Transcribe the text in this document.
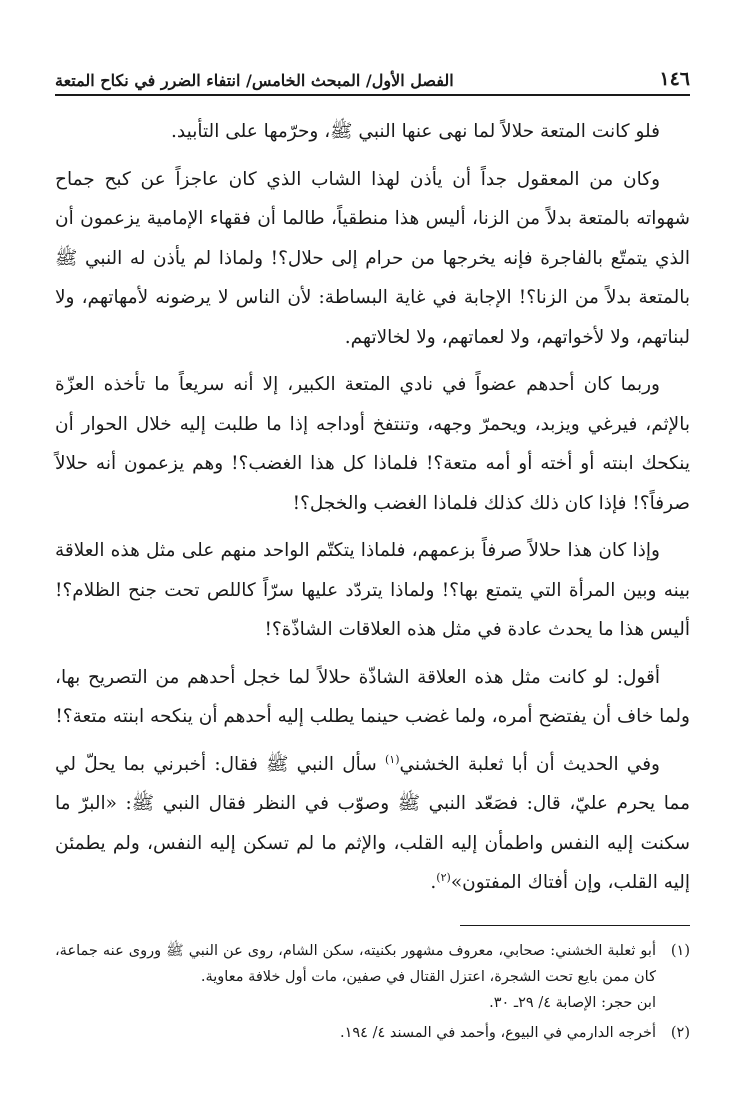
١٤٦
الفصل الأول/ المبحث الخامس/ انتفاء الضرر في نكاح المتعة

فلو كانت المتعة حلالاً لما نهى عنها النبي ﷺ، وحرّمها على التأبيد.

وكان من المعقول جداً أن يأذن لهذا الشاب الذي كان عاجزاً عن كبح جماح شهواته بالمتعة بدلاً من الزنا، أليس هذا منطقياً، طالما أن فقهاء الإمامية يزعمون أن الذي يتمتّع بالفاجرة فإنه يخرجها من حرام إلى حلال؟! ولماذا لم يأذن له النبي ﷺ بالمتعة بدلاً من الزنا؟! الإجابة في غاية البساطة: لأن الناس لا يرضونه لأمهاتهم، ولا لبناتهم، ولا لأخواتهم، ولا لعماتهم، ولا لخالاتهم.

وربما كان أحدهم عضواً في نادي المتعة الكبير، إلا أنه سريعاً ما تأخذه العزّة بالإثم، فيرغي ويزبد، ويحمرّ وجهه، وتنتفخ أوداجه إذا ما طلبت إليه خلال الحوار أن ينكحك ابنته أو أخته أو أمه متعة؟! فلماذا كل هذا الغضب؟! وهم يزعمون أنه حلالاً صرفاً؟! فإذا كان ذلك كذلك فلماذا الغضب والخجل؟!

وإذا كان هذا حلالاً صرفاً بزعمهم، فلماذا يتكتّم الواحد منهم على مثل هذه العلاقة بينه وبين المرأة التي يتمتع بها؟! ولماذا يتردّد عليها سرّاً كاللص تحت جنح الظلام؟! أليس هذا ما يحدث عادة في مثل هذه العلاقات الشاذّة؟!

أقول: لو كانت مثل هذه العلاقة الشاذّة حلالاً لما خجل أحدهم من التصريح بها، ولما خاف أن يفتضح أمره، ولما غضب حينما يطلب إليه أحدهم أن ينكحه ابنته متعة؟!

وفي الحديث أن أبا ثعلبة الخشني$^{(١)}$ سأل النبي ﷺ فقال: أخبرني بما يحلّ لي مما يحرم عليّ، قال: فصَعّد النبي ﷺ وصوّب في النظر فقال النبي ﷺ: «البرّ ما سكنت إليه النفس واطمأن إليه القلب، والإثم ما لم تسكن إليه النفس، ولم يطمئن إليه القلب، وإن أفتاك المفتون»$^{(٢)}$.

(١)
أبو ثعلبة الخشني: صحابي، معروف مشهور بكنيته، سكن الشام، روى عن النبي ﷺ وروى عنه جماعة، كان ممن بايع تحت الشجرة، اعتزل القتال في صفين، مات أول خلافة معاوية.
ابن حجر: الإصابة ٤/ ٢٩ـ ٣٠.
(٢)
أخرجه الدارمي في البيوع، وأحمد في المسند ٤/ ١٩٤.
